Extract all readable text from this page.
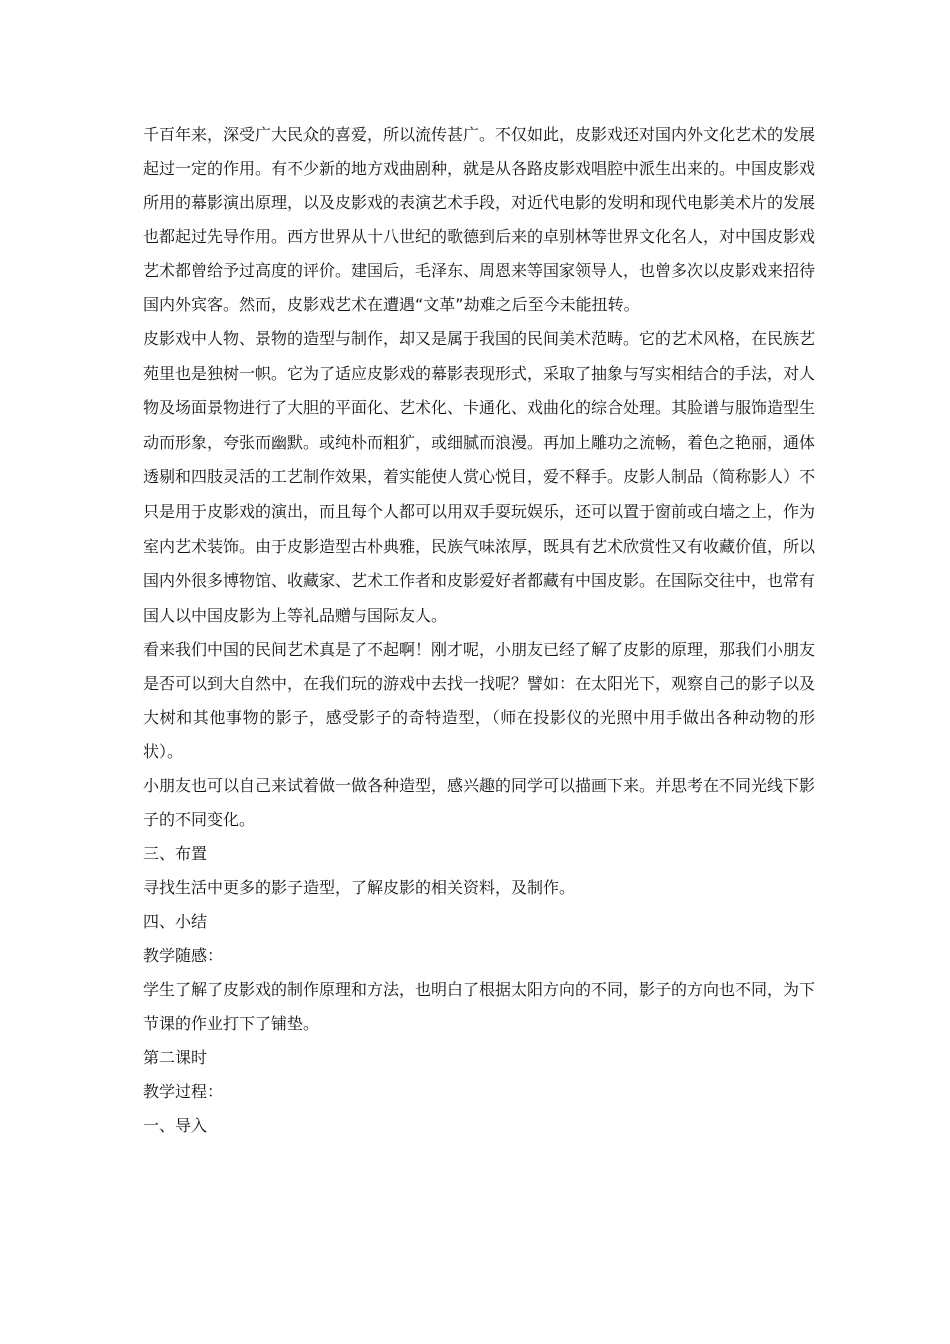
千百年来，深受广大民众的喜爱，所以流传甚广。不仅如此，皮影戏还对国内外文化艺术的发展起过一定的作用。有不少新的地方戏曲剧种，就是从各路皮影戏唱腔中派生出来的。中国皮影戏所用的幕影演出原理，以及皮影戏的表演艺术手段，对近代电影的发明和现代电影美术片的发展也都起过先导作用。西方世界从十八世纪的歌德到后来的卓别林等世界文化名人，对中国皮影戏艺术都曾给予过高度的评价。建国后，毛泽东、周恩来等国家领导人，也曾多次以皮影戏来招待国内外宾客。然而，皮影戏艺术在遭遇“文革”劫难之后至今未能扭转。

皮影戏中人物、景物的造型与制作，却又是属于我国的民间美术范畴。它的艺术风格，在民族艺苑里也是独树一帜。它为了适应皮影戏的幕影表现形式，采取了抽象与写实相结合的手法，对人物及场面景物进行了大胆的平面化、艺术化、卡通化、戏曲化的综合处理。其脸谱与服饰造型生动而形象，夸张而幽默。或纯朴而粗犷，或细腻而浪漫。再加上雕功之流畅，着色之艳丽，通体透剔和四肢灵活的工艺制作效果，着实能使人赏心悦目，爱不释手。皮影人制品（简称影人）不只是用于皮影戏的演出，而且每个人都可以用双手耍玩娱乐，还可以置于窗前或白墙之上，作为室内艺术装饰。由于皮影造型古朴典雅，民族气味浓厚，既具有艺术欣赏性又有收藏价值，所以国内外很多博物馆、收藏家、艺术工作者和皮影爱好者都藏有中国皮影。在国际交往中，也常有国人以中国皮影为上等礼品赠与国际友人。

看来我们中国的民间艺术真是了不起啊！刚才呢，小朋友已经了解了皮影的原理，那我们小朋友是否可以到大自然中，在我们玩的游戏中去找一找呢？譬如：在太阳光下，观察自己的影子以及大树和其他事物的影子，感受影子的奇特造型，（师在投影仪的光照中用手做出各种动物的形状）。

小朋友也可以自己来试着做一做各种造型，感兴趣的同学可以描画下来。并思考在不同光线下影子的不同变化。

三、布置

寻找生活中更多的影子造型，了解皮影的相关资料，及制作。

四、小结

教学随感：

学生了解了皮影戏的制作原理和方法，也明白了根据太阳方向的不同，影子的方向也不同，为下节课的作业打下了铺垫。

第二课时

教学过程：

一、导入
